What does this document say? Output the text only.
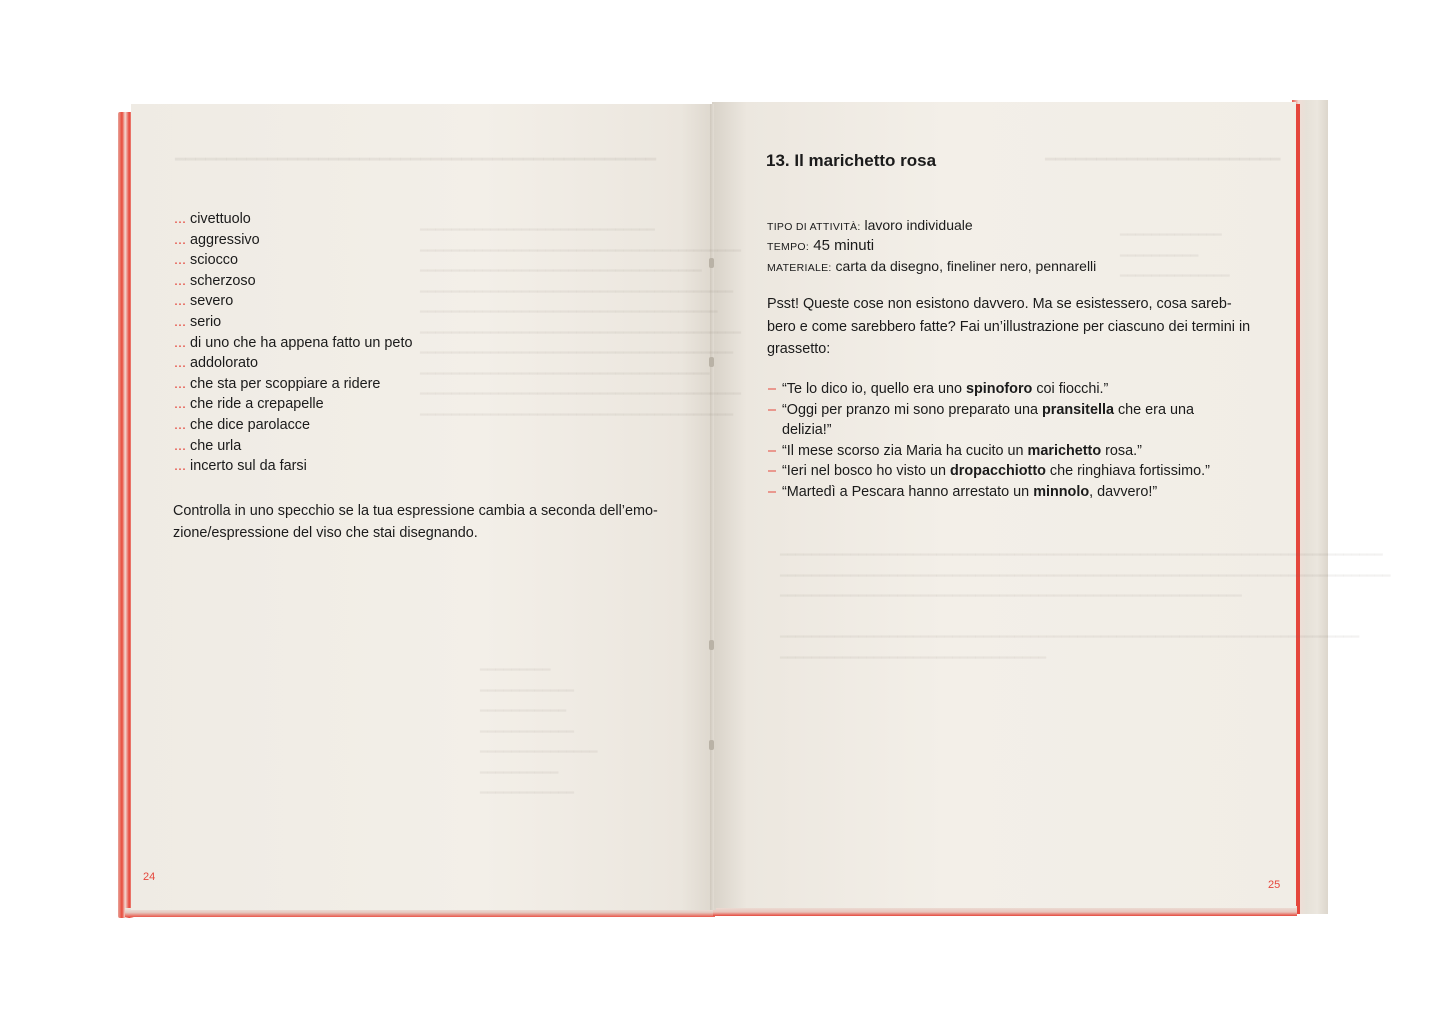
━━━━━━━━━━━━━━━━━━━━━━━━━━━━━━━━━━━━━━━━━━━━━━━
━━━━━━━━━━━━━━━━━━━━━━━━━━━━━━
━━━━━━━━━━━━━━━━━━━━━━━━━━━━━━━━━━━━━━━━━
━━━━━━━━━━━━━━━━━━━━━━━━━━━━━━━━━━━━
━━━━━━━━━━━━━━━━━━━━━━━━━━━━━━━━━━━━━━━━
━━━━━━━━━━━━━━━━━━━━━━━━━━━━━━━━━━━━━━
━━━━━━━━━━━━━━━━━━━━━━━━━━━━━━━━━━━━━━━━━
━━━━━━━━━━━━━━━━━━━━━━━━━━━━━━━━━━━━━━━━
━━━━━━━━━━━━━━━━━━━━━━━━━━━━━━━━━━━━━
━━━━━━━━━━━━━━━━━━━━━━━━━━━━━━━━━━━━━━━━━
━━━━━━━━━━━━━━━━━━━━━━━━━━━━━━━━━━━━━━━━
━━━━━━━━━
━━━━━━━━━━━━
━━━━━━━━━━━
━━━━━━━━━━━━
━━━━━━━━━━━━━━━
━━━━━━━━━━
━━━━━━━━━━━━
━━━━━━━━━━━━━━━━━━━━━━━
━━━━━━━━━━━━━
━━━━━━━━━━
━━━━━━━━━━━━━━
━━━━━━━━━━━━━━━━━━━━━━━━━━━━━━━━━━━━━━━━━━━━━━━━━━━━━━━━━━━━━━━━━━━━━━━━━━━━━
━━━━━━━━━━━━━━━━━━━━━━━━━━━━━━━━━━━━━━━━━━━━━━━━━━━━━━━━━━━━━━━━━━━━━━━━━━━━━━
━━━━━━━━━━━━━━━━━━━━━━━━━━━━━━━━━━━━━━━━━━━━━━━━━━━━━━━━━━━

━━━━━━━━━━━━━━━━━━━━━━━━━━━━━━━━━━━━━━━━━━━━━━━━━━━━━━━━━━━━━━━━━━━━━━━━━━
━━━━━━━━━━━━━━━━━━━━━━━━━━━━━━━━━━
... civettuolo
... aggressivo
... sciocco
... scherzoso
... severo
... serio
... di uno che ha appena fatto un peto
... addolorato
... che sta per scoppiare a ridere
... che ride a crepapelle
... che dice parolacce
... che urla
... incerto sul da farsi

Controlla in uno specchio se la tua espressione cambia a seconda dell’emo-zione/espressione del viso che stai disegnando.

24
13. Il marichetto rosa
TIPO DI ATTIVITÀ: lavoro individuale
TEMPO: 45 minuti
MATERIALE: carta da disegno, fineliner nero, pennarelli

Psst! Queste cose non esistono davvero. Ma se esistessero, cosa sareb-bero e come sarebbero fatte? Fai un’illustrazione per ciascuno dei termini in grassetto:

– “Te lo dico io, quello era uno spinoforo coi fiocchi.”
– “Oggi per pranzo mi sono preparato una pransitella che era una delizia!”
– “Il mese scorso zia Maria ha cucito un marichetto rosa.”
– “Ieri nel bosco ho visto un dropacchiotto che ringhiava fortissimo.”
– “Martedì a Pescara hanno arrestato un minnolo, davvero!”
25
